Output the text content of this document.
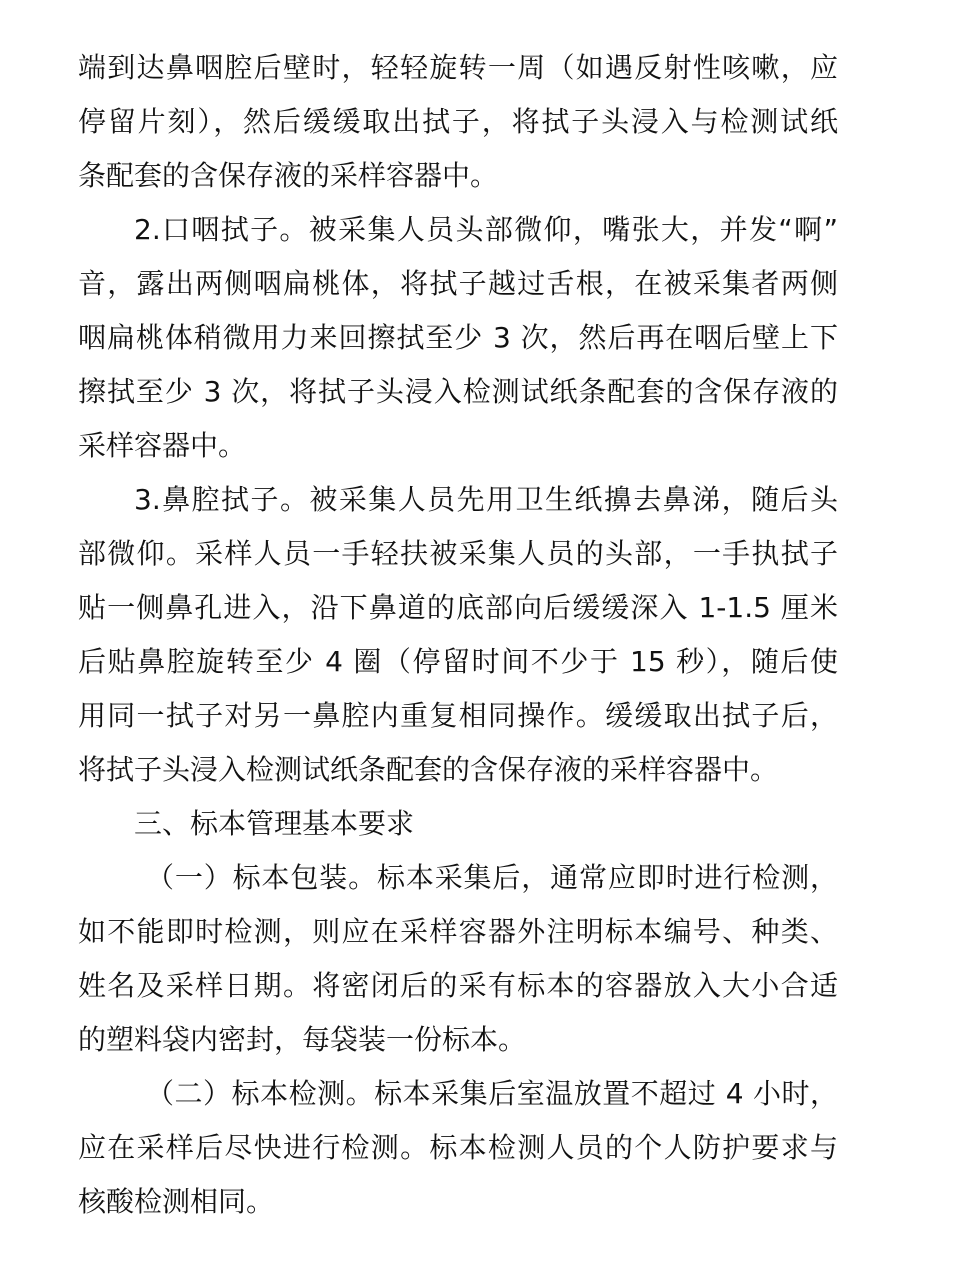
端到达鼻咽腔后壁时，轻轻旋转一周（如遇反射性咳嗽，应
停留片刻），然后缓缓取出拭子，将拭子头浸入与检测试纸
条配套的含保存液的采样容器中。
2.口咽拭子。被采集人员头部微仰，嘴张大，并发“啊”
音，露出两侧咽扁桃体，将拭子越过舌根，在被采集者两侧
咽扁桃体稍微用力来回擦拭至少 3 次，然后再在咽后壁上下
擦拭至少 3 次，将拭子头浸入检测试纸条配套的含保存液的
采样容器中。
3.鼻腔拭子。被采集人员先用卫生纸擤去鼻涕，随后头
部微仰。采样人员一手轻扶被采集人员的头部，一手执拭子
贴一侧鼻孔进入，沿下鼻道的底部向后缓缓深入 1-1.5 厘米
后贴鼻腔旋转至少 4 圈（停留时间不少于 15 秒），随后使
用同一拭子对另一鼻腔内重复相同操作。缓缓取出拭子后，
将拭子头浸入检测试纸条配套的含保存液的采样容器中。
三、标本管理基本要求
（一）标本包装。标本采集后，通常应即时进行检测，
如不能即时检测，则应在采样容器外注明标本编号、种类、
姓名及采样日期。将密闭后的采有标本的容器放入大小合适
的塑料袋内密封，每袋装一份标本。
（二）标本检测。标本采集后室温放置不超过 4 小时，
应在采样后尽快进行检测。标本检测人员的个人防护要求与
核酸检测相同。
